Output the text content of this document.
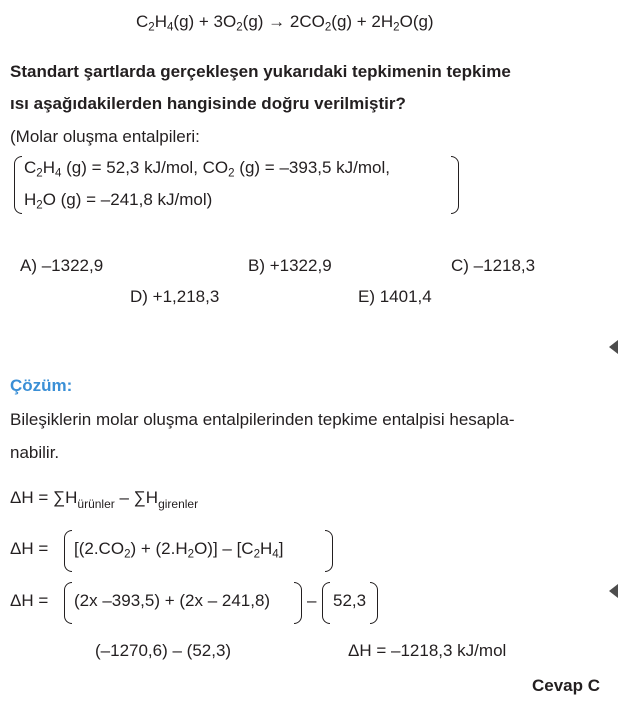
$C_2H_4(g) + 3O_2(g) \to 2CO_2(g) + 2H_2O(g)$
Standart şartlarda gerçekleşen yukarıdaki tepkimenin tepkime
ısı aşağıdakilerden hangisinde doğru verilmiştir?
(Molar oluşma entalpileri:
$C_2H_4$ (g) = 52,3 kJ/mol, $CO_2$ (g) = –393,5 kJ/mol,
$H_2O$ (g) = –241,8 kJ/mol)
A) –1322,9	B) +1322,9	C) –1218,3
D) +1,218,3	E) 1401,4
Çözüm:
Bileşiklerin molar oluşma entalpilerinden tepkime entalpisi hesapla-
nabilir.
$\Delta H = \sum H_{ürünler} - \sum H_{girenler}$
$\Delta H = [(2.CO_2) + (2.H_2O)] - [C_2H_4]$
ΔH = (2x –393,5) + (2x – 241,8) – 52,3
(–1270,6) – (52,3)	ΔH = –1218,3 kJ/mol
Cevap C
